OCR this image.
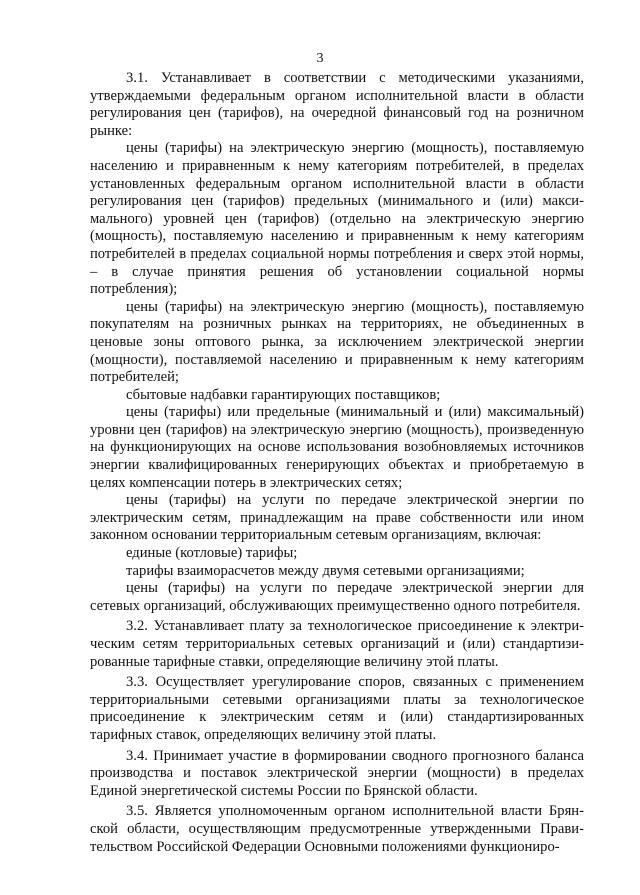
3

3.1. Устанавливает в соответствии с методическими указаниями, утверждаемыми федеральным органом исполнительной власти в области регулирования цен (тарифов), на очередной финансовый год на розничном рынке:

цены (тарифы) на электрическую энергию (мощность), поставляемую населению и приравненным к нему категориям потребителей, в пределах установленных федеральным органом исполнительной власти в области регулирования цен (тарифов) предельных (минимального и (или) максимального) уровней цен (тарифов) (отдельно на электрическую энергию (мощность), поставляемую населению и приравненным к нему категориям потребителей в пределах социальной нормы потребления и сверх этой нормы, – в случае принятия решения об установлении социальной нормы потребления);

цены (тарифы) на электрическую энергию (мощность), поставляемую покупателям на розничных рынках на территориях, не объединенных в ценовые зоны оптового рынка, за исключением электрической энергии (мощности), поставляемой населению и приравненным к нему категориям потребителей;

сбытовые надбавки гарантирующих поставщиков;

цены (тарифы) или предельные (минимальный и (или) максимальный) уровни цен (тарифов) на электрическую энергию (мощность), произведенную на функционирующих на основе использования возобновляемых источников энергии квалифицированных генерирующих объектах и приобретаемую в целях компенсации потерь в электрических сетях;

цены (тарифы) на услуги по передаче электрической энергии по электрическим сетям, принадлежащим на праве собственности или ином законном основании территориальным сетевым организациям, включая:

единые (котловые) тарифы;

тарифы взаиморасчетов между двумя сетевыми организациями;

цены (тарифы) на услуги по передаче электрической энергии для сетевых организаций, обслуживающих преимущественно одного потребителя.

3.2. Устанавливает плату за технологическое присоединение к электрическим сетям территориальных сетевых организаций и (или) стандартизированные тарифные ставки, определяющие величину этой платы.

3.3. Осуществляет урегулирование споров, связанных с применением территориальными сетевыми организациями платы за технологическое присоединение к электрическим сетям и (или) стандартизированных тарифных ставок, определяющих величину этой платы.

3.4. Принимает участие в формировании сводного прогнозного баланса производства и поставок электрической энергии (мощности) в пределах Единой энергетической системы России по Брянской области.

3.5. Является уполномоченным органом исполнительной власти Брянской области, осуществляющим предусмотренные утвержденными Правительством Российской Федерации Основными положениями функциониро-
